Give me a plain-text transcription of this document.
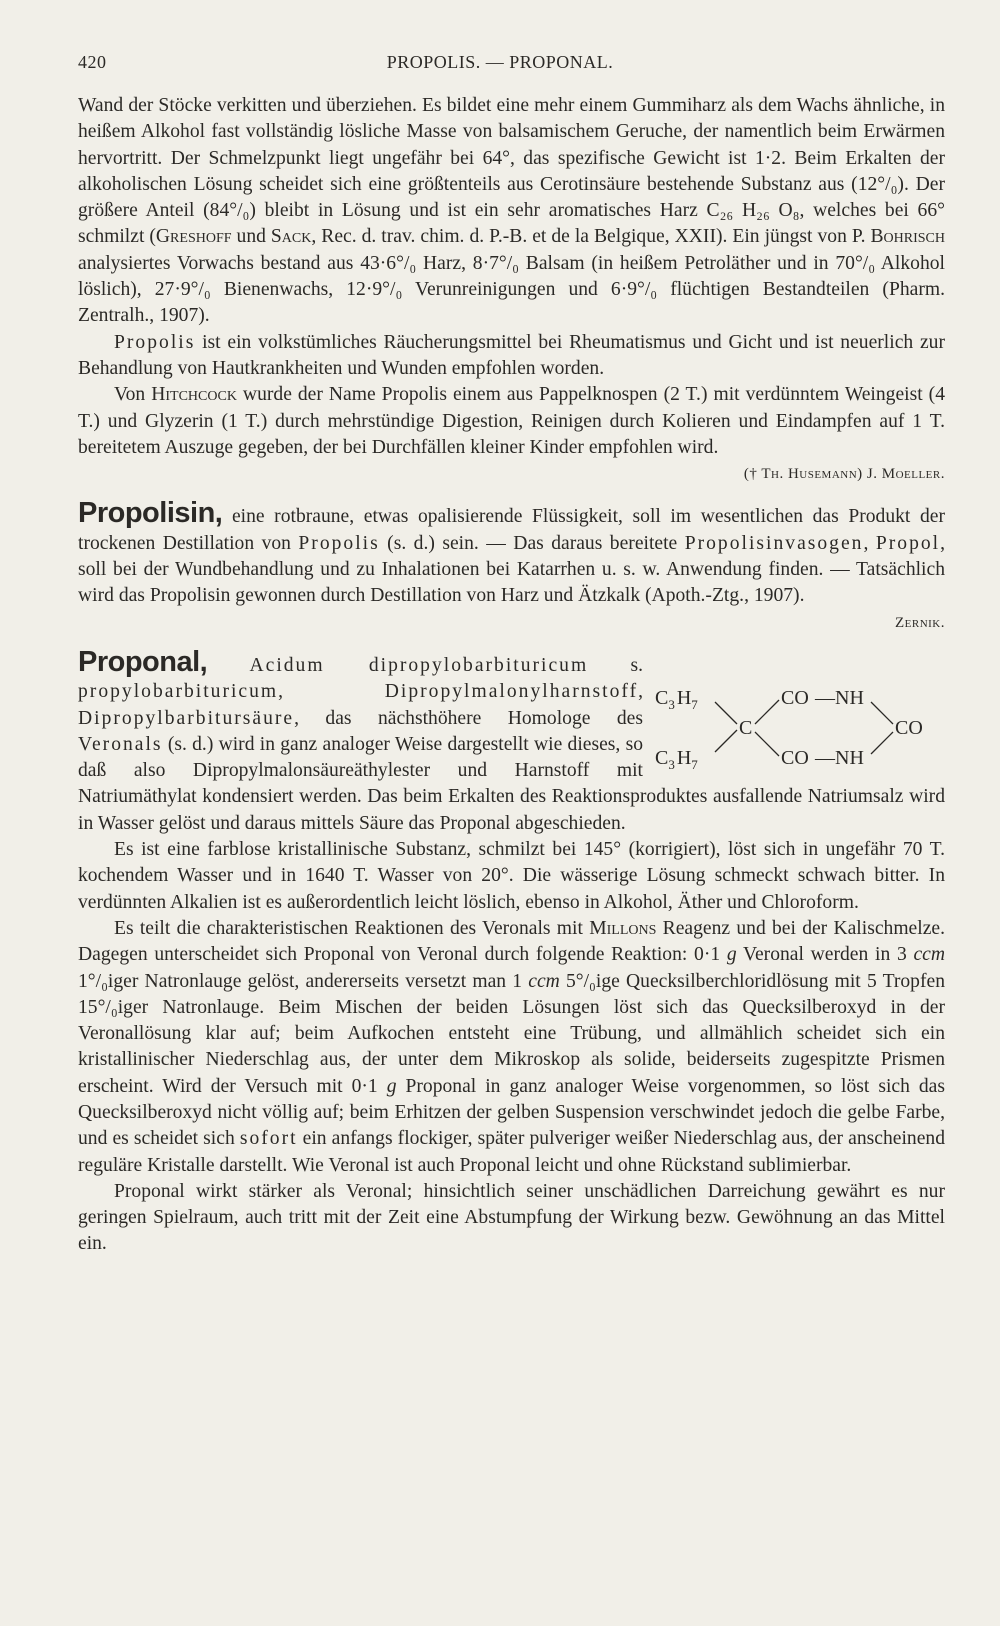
420	PROPOLIS. — PROPONAL.

Wand der Stöcke verkitten und überziehen. Es bildet eine mehr einem Gummiharz als dem Wachs ähnliche, in heißem Alkohol fast vollständig lösliche Masse von balsamischem Geruche, der namentlich beim Erwärmen hervortritt. Der Schmelzpunkt liegt ungefähr bei 64°, das spezifische Gewicht ist 1·2. Beim Erkalten der alkoholischen Lösung scheidet sich eine größtenteils aus Cerotinsäure bestehende Substanz aus (12°/₀). Der größere Anteil (84°/₀) bleibt in Lösung und ist ein sehr aromatisches Harz C₂₆ H₂₆ O₈, welches bei 66° schmilzt (Greshoff und Sack, Rec. d. trav. chim. d. P.-B. et de la Belgique, XXII). Ein jüngst von P. Bohrisch analysiertes Vorwachs bestand aus 43·6°/₀ Harz, 8·7°/₀ Balsam (in heißem Petroläther und in 70°/₀ Alkohol löslich), 27·9°/₀ Bienenwachs, 12·9°/₀ Verunreinigungen und 6·9°/₀ flüchtigen Bestandteilen (Pharm. Zentralh., 1907).

Propolis ist ein volkstümliches Räucherungsmittel bei Rheumatismus und Gicht und ist neuerlich zur Behandlung von Hautkrankheiten und Wunden empfohlen worden.

Von Hitchcock wurde der Name Propolis einem aus Pappelknospen (2 T.) mit verdünntem Weingeist (4 T.) und Glyzerin (1 T.) durch mehrstündige Digestion, Reinigen durch Kolieren und Eindampfen auf 1 T. bereitetem Auszuge gegeben, der bei Durchfällen kleiner Kinder empfohlen wird.

(† Th. Husemann) J. Moeller.

Propolisin, eine rotbraune, etwas opalisierende Flüssigkeit, soll im wesentlichen das Produkt der trockenen Destillation von Propolis (s. d.) sein. — Das daraus bereitete Propolisinvasogen, Propol, soll bei der Wundbehandlung und zu Inhalationen bei Katarrhen u. s. w. Anwendung finden. — Tatsächlich wird das Propolisin gewonnen durch Destillation von Harz und Ätzkalk (Apoth.-Ztg., 1907).

Zernik.

$C_3$ $H_7$
$C_3$ $H_7$
C
CO — NH
CO — NH
CO
Proponal, Acidum dipropylobarbituricum s. propylobarbituricum, Dipropylmalonylharnstoff, Dipropylbarbitursäure, das nächsthöhere Homologe des Veronals (s. d.) wird in ganz analoger Weise dargestellt wie dieses, so daß also Dipropylmalonsäureäthylester und Harnstoff mit Natriumäthylat kondensiert werden. Das beim Erkalten des Reaktionsproduktes ausfallende Natriumsalz wird in Wasser gelöst und daraus mittels Säure das Proponal abgeschieden.

Es ist eine farblose kristallinische Substanz, schmilzt bei 145° (korrigiert), löst sich in ungefähr 70 T. kochendem Wasser und in 1640 T. Wasser von 20°. Die wässerige Lösung schmeckt schwach bitter. In verdünnten Alkalien ist es außerordentlich leicht löslich, ebenso in Alkohol, Äther und Chloroform.

Es teilt die charakteristischen Reaktionen des Veronals mit Millons Reagenz und bei der Kalischmelze. Dagegen unterscheidet sich Proponal von Veronal durch folgende Reaktion: 0·1 g Veronal werden in 3 ccm 1°/₀iger Natronlauge gelöst, andererseits versetzt man 1 ccm 5°/₀ige Quecksilberchloridlösung mit 5 Tropfen 15°/₀iger Natronlauge. Beim Mischen der beiden Lösungen löst sich das Quecksilberoxyd in der Veronallösung klar auf; beim Aufkochen entsteht eine Trübung, und allmählich scheidet sich ein kristallinischer Niederschlag aus, der unter dem Mikroskop als solide, beiderseits zugespitzte Prismen erscheint. Wird der Versuch mit 0·1 g Proponal in ganz analoger Weise vorgenommen, so löst sich das Quecksilberoxyd nicht völlig auf; beim Erhitzen der gelben Suspension verschwindet jedoch die gelbe Farbe, und es scheidet sich sofort ein anfangs flockiger, später pulveriger weißer Niederschlag aus, der anscheinend reguläre Kristalle darstellt. Wie Veronal ist auch Proponal leicht und ohne Rückstand sublimierbar.

Proponal wirkt stärker als Veronal; hinsichtlich seiner unschädlichen Darreichung gewährt es nur geringen Spielraum, auch tritt mit der Zeit eine Abstumpfung der Wirkung bezw. Gewöhnung an das Mittel ein.
